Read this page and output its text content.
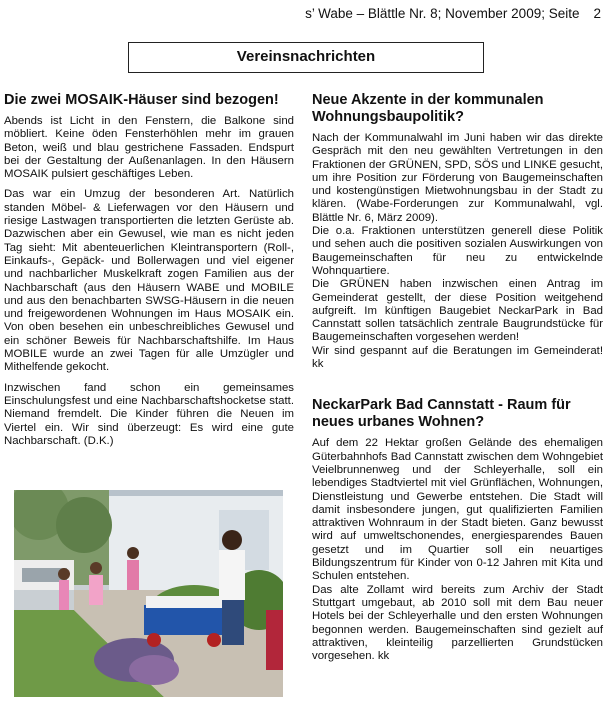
s’ Wabe – Blättle Nr. 8; November 2009; Seite 2
Vereinsnachrichten
Die zwei MOSAIK-Häuser sind bezogen!

Abends ist Licht in den Fenstern, die Balkone sind möbliert. Keine öden Fensterhöhlen mehr im grauen Beton, weiß und blau gestrichene Fassaden. Endspurt bei der Gestaltung der Außenanlagen. In den Häusern MOSAIK pulsiert geschäftiges Leben.

Das war ein Umzug der besonderen Art. Natürlich standen Möbel- & Lieferwagen vor den Häusern und riesige Lastwagen transportierten die letzten Gerüste ab. Dazwischen aber ein Gewusel, wie man es nicht jeden Tag sieht: Mit abenteuerlichen Kleintransportern (Roll-, Einkaufs-, Gepäck- und Bollerwagen und viel eigener und nachbarlicher Muskelkraft zogen Familien aus der Nachbarschaft (aus den Häusern WABE und MOBILE und aus den benachbarten SWSG-Häusern in die neuen und freigewordenen Wohnungen im Haus MOSAIK ein. Von oben besehen ein unbeschreibliches Gewusel und ein schöner Beweis für Nachbarschaftshilfe. Im Haus MOBILE wurde an zwei Tagen für alle Umzügler und Mithelfende gekocht.

Inzwischen fand schon ein gemeinsames Einschulungsfest und eine Nachbarschaftshocketse statt. Niemand fremdelt. Die Kinder führen die Neuen im Viertel ein. Wir sind überzeugt: Es wird eine gute Nachbarschaft. (D.K.)

Neue Akzente in der kommunalen Wohnungsbaupolitik?

Nach der Kommunalwahl im Juni haben wir das direkte Gespräch mit den neu gewählten Vertretungen in den Fraktionen der GRÜNEN, SPD, SÖS und LINKE gesucht, um ihre Position zur Förderung von Baugemeinschaften und kostengünstigen Mietwohnungsbau in der Stadt zu klären. (Wabe-Forderungen zur Kommunalwahl, vgl. Blättle Nr. 6, März 2009).

Die o.a. Fraktionen unterstützen generell diese Politik und sehen auch die positiven sozialen Auswirkungen von Baugemeinschaften für neu zu entwickelnde Wohnquartiere.

Die GRÜNEN haben inzwischen einen Antrag im Gemeinderat gestellt, der diese Position weitgehend aufgreift. Im künftigen Baugebiet NeckarPark in Bad Cannstatt sollen tatsächlich zentrale Baugrundstücke für Baugemeinschaften vorgesehen werden!

Wir sind gespannt auf die Beratungen im Gemeinderat! kk

NeckarPark Bad Cannstatt - Raum für neues urbanes Wohnen?

Auf dem 22 Hektar großen Gelände des ehemaligen Güterbahnhofs Bad Cannstatt zwischen dem Wohngebiet Veielbrunnenweg und der Schleyerhalle, soll ein lebendiges Stadtviertel mit viel Grünflächen, Wohnungen, Dienstleistung und Gewerbe entstehen. Die Stadt will damit insbesondere jungen, gut qualifizierten Familien attraktiven Wohnraum in der Stadt bieten. Ganz bewusst wird auf umweltschonendes, energiesparendes Bauen gesetzt und im Quartier soll ein neuartiges Bildungszentrum für Kinder von 0-12 Jahren mit Kita und Schulen entstehen.

Das alte Zollamt wird bereits zum Archiv der Stadt Stuttgart umgebaut, ab 2010 soll mit dem Bau neuer Hotels bei der Schleyerhalle und den ersten Wohnungen begonnen werden. Baugemeinschaften sind gezielt auf attraktiven, kleinteilig parzellierten Grundstücken vorgesehen. kk
